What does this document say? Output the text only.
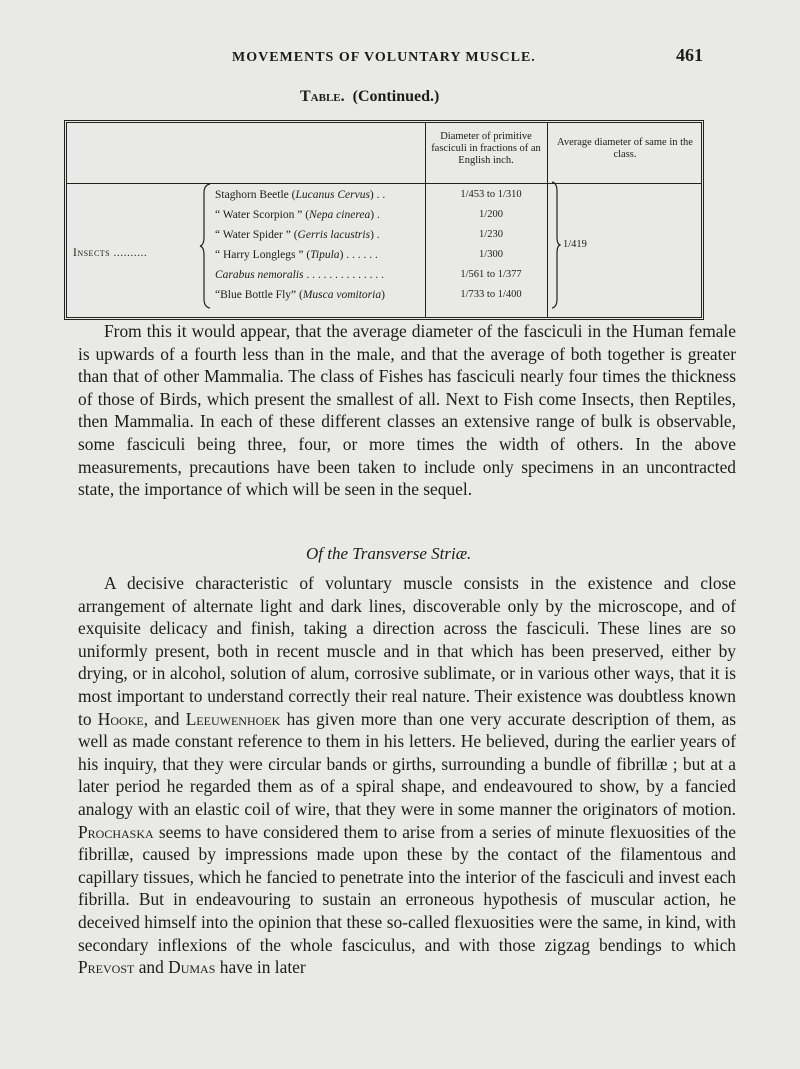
MOVEMENTS OF VOLUNTARY MUSCLE.	461
Table. (Continued.)
Diameter of primitive fasciculi in fractions of an English inch.
Average diameter of same in the class.
Insects ..........
Staghorn Beetle (Lucanus Cervus) . .	1/453 to 1/310
“ Water Scorpion ” (Nepa cinerea) .	1/200
“ Water Spider ” (Gerris lacustris) .	1/230
“ Harry Longlegs ” (Tipula) . . . . . .	1/300
Carabus nemoralis . . . . . . . . . . . . . .	1/561 to 1/377
“Blue Bottle Fly” (Musca vomitoria)	1/733 to 1/400
1/419
From this it would appear, that the average diameter of the fasciculi in the Human female is upwards of a fourth less than in the male, and that the average of both together is greater than that of other Mammalia. The class of Fishes has fasciculi nearly four times the thickness of those of Birds, which present the smallest of all. Next to Fish come Insects, then Reptiles, then Mammalia. In each of these different classes an extensive range of bulk is observable, some fasciculi being three, four, or more times the width of others. In the above measurements, precautions have been taken to include only specimens in an uncontracted state, the importance of which will be seen in the sequel.
Of the Transverse Striæ.
A decisive characteristic of voluntary muscle consists in the existence and close arrangement of alternate light and dark lines, discoverable only by the microscope, and of exquisite delicacy and finish, taking a direction across the fasciculi. These lines are so uniformly present, both in recent muscle and in that which has been preserved, either by drying, or in alcohol, solution of alum, corrosive sublimate, or in various other ways, that it is most important to understand correctly their real nature. Their existence was doubtless known to Hooke, and Leeuwenhoek has given more than one very accurate description of them, as well as made constant reference to them in his letters. He believed, during the earlier years of his inquiry, that they were circular bands or girths, surrounding a bundle of fibrillæ ; but at a later period he regarded them as of a spiral shape, and endeavoured to show, by a fancied analogy with an elastic coil of wire, that they were in some manner the originators of motion. Prochaska seems to have considered them to arise from a series of minute flexuosities of the fibrillæ, caused by impressions made upon these by the contact of the filamentous and capillary tissues, which he fancied to penetrate into the interior of the fasciculi and invest each fibrilla. But in endeavouring to sustain an erroneous hypothesis of muscular action, he deceived himself into the opinion that these so-called flexuosities were the same, in kind, with secondary inflexions of the whole fasciculus, and with those zigzag bendings to which Prevost and Dumas have in later
